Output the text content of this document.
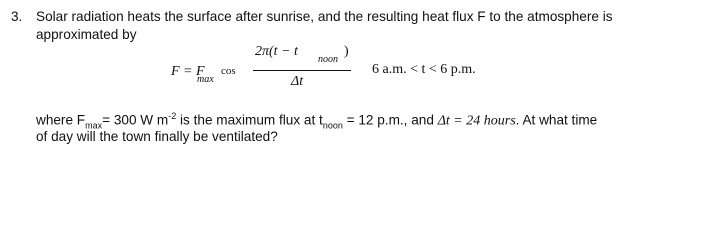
3. Solar radiation heats the surface after sunrise, and the resulting heat flux F to the atmosphere is
approximated by
F = F
max
cos
2π(t − t
noon
)
Δt
6 a.m. < t < 6 p.m.
where $F_{max}= 300$ W $m^{-2}$ is the maximum flux at $t_{noon} = 12$ p.m., and Δt = 24 hours. At what time
of day will the town finally be ventilated?
